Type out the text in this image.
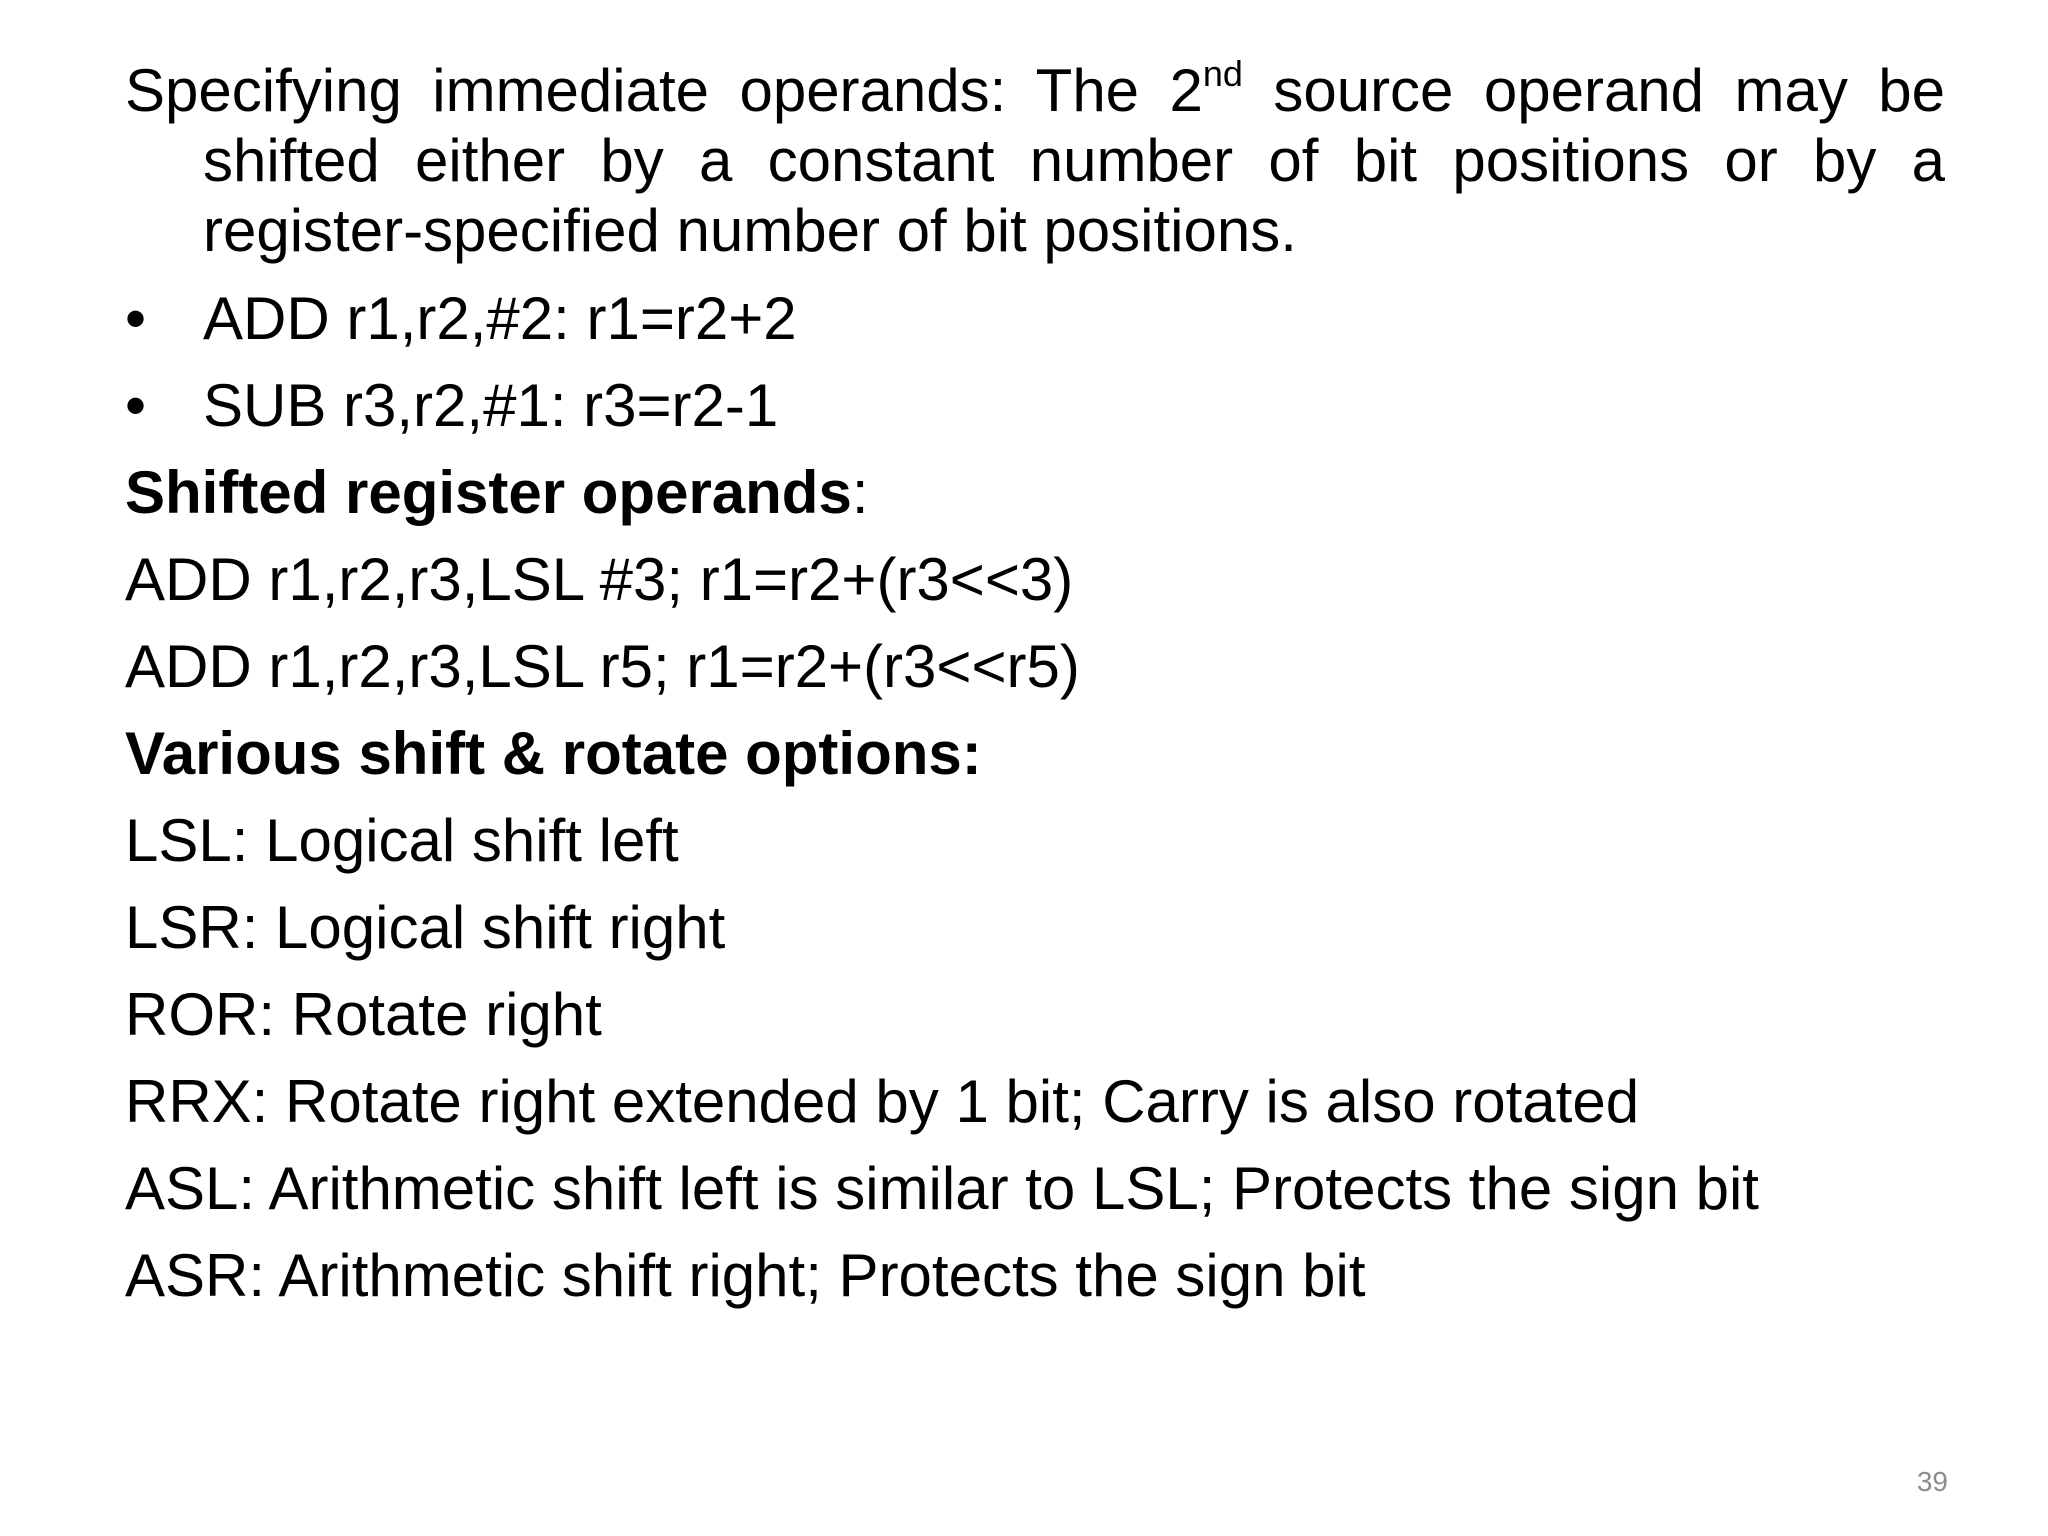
Specifying immediate operands: The 2nd source operand may be shifted either by a constant number of bit positions or by a register-specified number of bit positions.

• ADD r1,r2,#2: r1=r2+2
• SUB r3,r2,#1: r3=r2-1
Shifted register operands:
ADD r1,r2,r3,LSL #3; r1=r2+(r3<<3)
ADD r1,r2,r3,LSL r5; r1=r2+(r3<<r5)
Various shift & rotate options:
LSL: Logical shift left
LSR: Logical shift right
ROR: Rotate right
RRX: Rotate right extended by 1 bit; Carry is also rotated
ASL: Arithmetic shift left is similar to LSL; Protects the sign bit
ASR: Arithmetic shift right; Protects the sign bit
39
